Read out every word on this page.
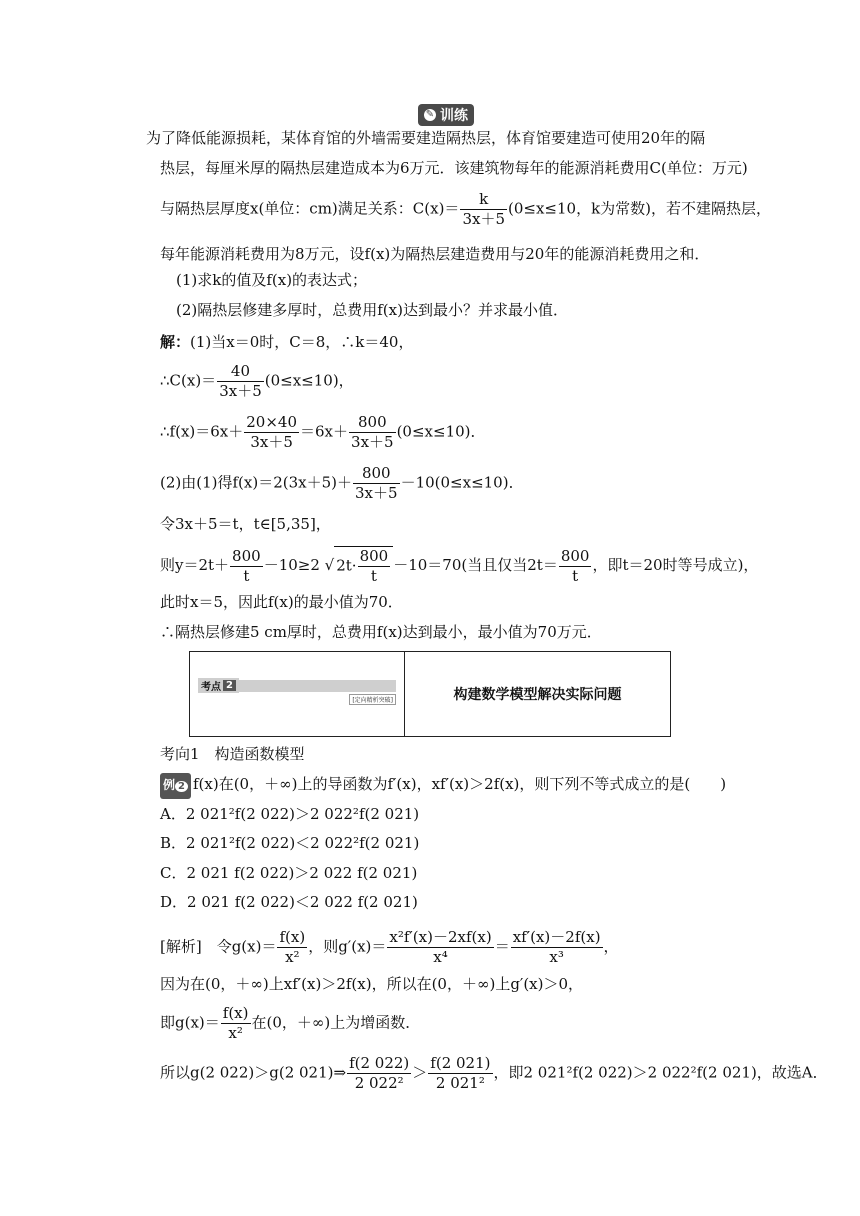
✎ 训练
为了降低能源损耗，某体育馆的外墙需要建造隔热层，体育馆要建造可使用20年的隔
热层，每厘米厚的隔热层建造成本为6万元．该建筑物每年的能源消耗费用C(单位：万元)
与隔热层厚度x(单位：cm)满足关系：$C(x)= \frac{k}{3x+5} (0\le x\le 10$，k为常数)，若不建隔热层，
每年能源消耗费用为8万元，设f(x)为隔热层建造费用与20年的能源消耗费用之和．
(1)求k的值及f(x)的表达式；
(2)隔热层修建多厚时，总费用f(x)达到最小？并求最小值．
解：(1)当x＝0时，C＝8，∴k＝40，
∴C(x)＝ $\frac{40}{3x+5} (0\le x\le 10)$，
∴f(x)＝6x＋ $\frac{20\times 40}{3x+5} =6x+ \frac{800}{3x+5} (0\le x\le 10)$．
(2)由(1)得$f(x)=2(3x+5)+ \frac{800}{3x+5} -10(0\le x\le 10)$．
令3x＋5＝t，t∈[5,35]，
则$y=2t+ \frac{800}{t} -10\ge 2$ √ $2t\cdot \frac{800}{t} -10=70$(当且仅当$2t= \frac{800}{t}$ ，即t＝20时等号成立)，
此时x＝5，因此f(x)的最小值为70．
∴隔热层修建5 cm厚时，总费用f(x)达到最小，最小值为70万元．
考点 2
[定向精析突破]	构建数学模型解决实际问题
考向1　构造函数模型
例 2 f(x)在(0，＋∞)上的导函数为f′(x)，xf′(x)＞2f(x)，则下列不等式成立的是(　　)
A．2 021²f(2 022)＞2 022²f(2 021)
B．2 021²f(2 022)＜2 022²f(2 021)
C．2 021 f(2 022)＞2 022 f(2 021)
D．2 021 f(2 022)＜2 022 f(2 021)
[解析]　令$g(x)= \frac{f(x)}{\text{x²}}$ ，则$g'(x)= \frac{\text{x²f′(x)－2xf(x)}}{\text{x⁴}} = \frac{xf'(x)-2f(x)}{\text{x³}}$ ，
因为在(0，＋∞)上xf′(x)＞2f(x)，所以在(0，＋∞)上g′(x)＞0，
即$g(x)= \frac{f(x)}{\text{x²}}$ 在(0，＋∞)上为增函数．
所以g(2 022)＞g(2 021)⇒ $\frac{f(2 022)}{\text{2 022²}} > \frac{f(2 021)}{\text{2 021²}}$ ，即2 021²f(2 022)＞2 022²f(2 021)，故选A．
